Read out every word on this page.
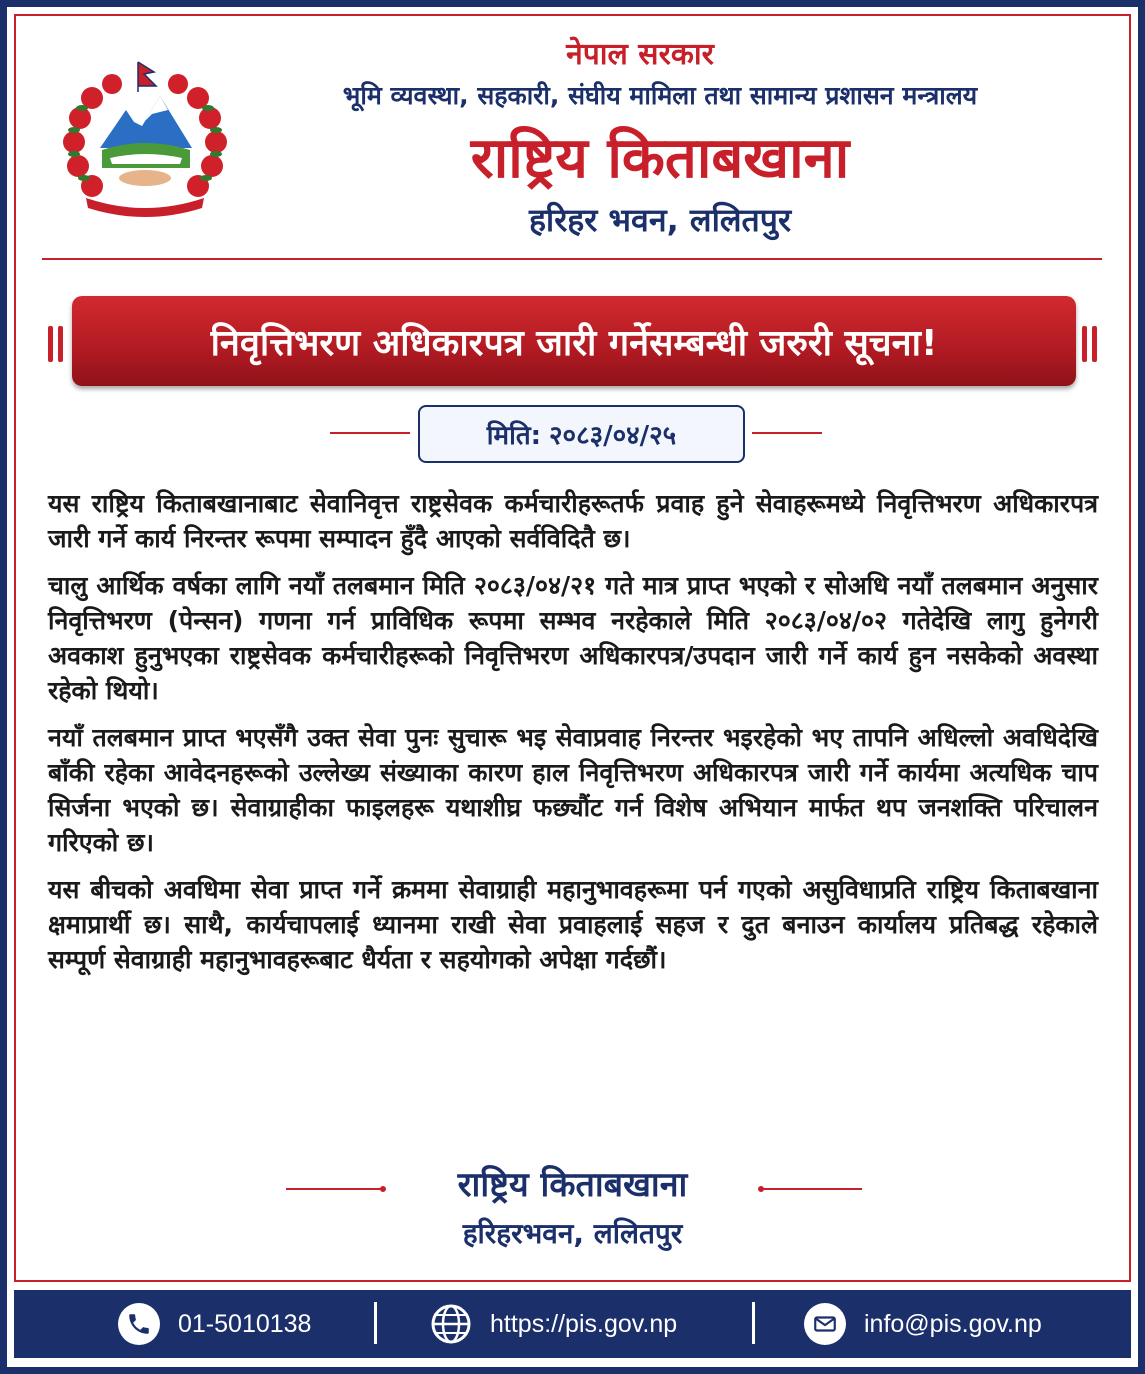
नेपाल सरकार
भूमि व्यवस्था, सहकारी, संघीय मामिला तथा सामान्य प्रशासन मन्त्रालय
राष्ट्रिय किताबखाना
हरिहर भवन, ललितपुर
निवृत्तिभरण अधिकारपत्र जारी गर्नेसम्बन्धी जरुरी सूचना!
मिति: २०८३/०४/२५

यस राष्ट्रिय किताबखानाबाट सेवानिवृत्त राष्ट्रसेवक कर्मचारीहरूतर्फ प्रवाह हुने सेवाहरूमध्ये निवृत्तिभरण अधिकारपत्र जारी गर्ने कार्य निरन्तर रूपमा सम्पादन हुँदै आएको सर्वविदितै छ।

चालु आर्थिक वर्षका लागि नयाँ तलबमान मिति २०८३/०४/२१ गते मात्र प्राप्त भएको र सोअधि नयाँ तलबमान अनुसार निवृत्तिभरण (पेन्सन) गणना गर्न प्राविधिक रूपमा सम्भव नरहेकाले मिति २०८३/०४/०२ गतेदेखि लागु हुनेगरी अवकाश हुनुभएका राष्ट्रसेवक कर्मचारीहरूको निवृत्तिभरण अधिकारपत्र/उपदान जारी गर्ने कार्य हुन नसकेको अवस्था रहेको थियो।

नयाँ तलबमान प्राप्त भएसँगै उक्त सेवा पुनः सुचारू भइ सेवाप्रवाह निरन्तर भइरहेको भए तापनि अधिल्लो अवधिदेखि बाँकी रहेका आवेदनहरूको उल्लेख्य संख्याका कारण हाल निवृत्तिभरण अधिकारपत्र जारी गर्ने कार्यमा अत्यधिक चाप सिर्जना भएको छ। सेवाग्राहीका फाइलहरू यथाशीघ्र फछ्यौंट गर्न विशेष अभियान मार्फत थप जनशक्ति परिचालन गरिएको छ।

यस बीचको अवधिमा सेवा प्राप्त गर्ने क्रममा सेवाग्राही महानुभावहरूमा पर्न गएको असुविधाप्रति राष्ट्रिय किताबखाना क्षमाप्रार्थी छ। साथै, कार्यचापलाई ध्यानमा राखी सेवा प्रवाहलाई सहज र दुत बनाउन कार्यालय प्रतिबद्ध रहेकाले सम्पूर्ण सेवाग्राही महानुभावहरूबाट धैर्यता र सहयोगको अपेक्षा गर्दछौं।

राष्ट्रिय किताबखाना
हरिहरभवन, ललितपुर
01-5010138	https://pis.gov.np	info@pis.gov.np
